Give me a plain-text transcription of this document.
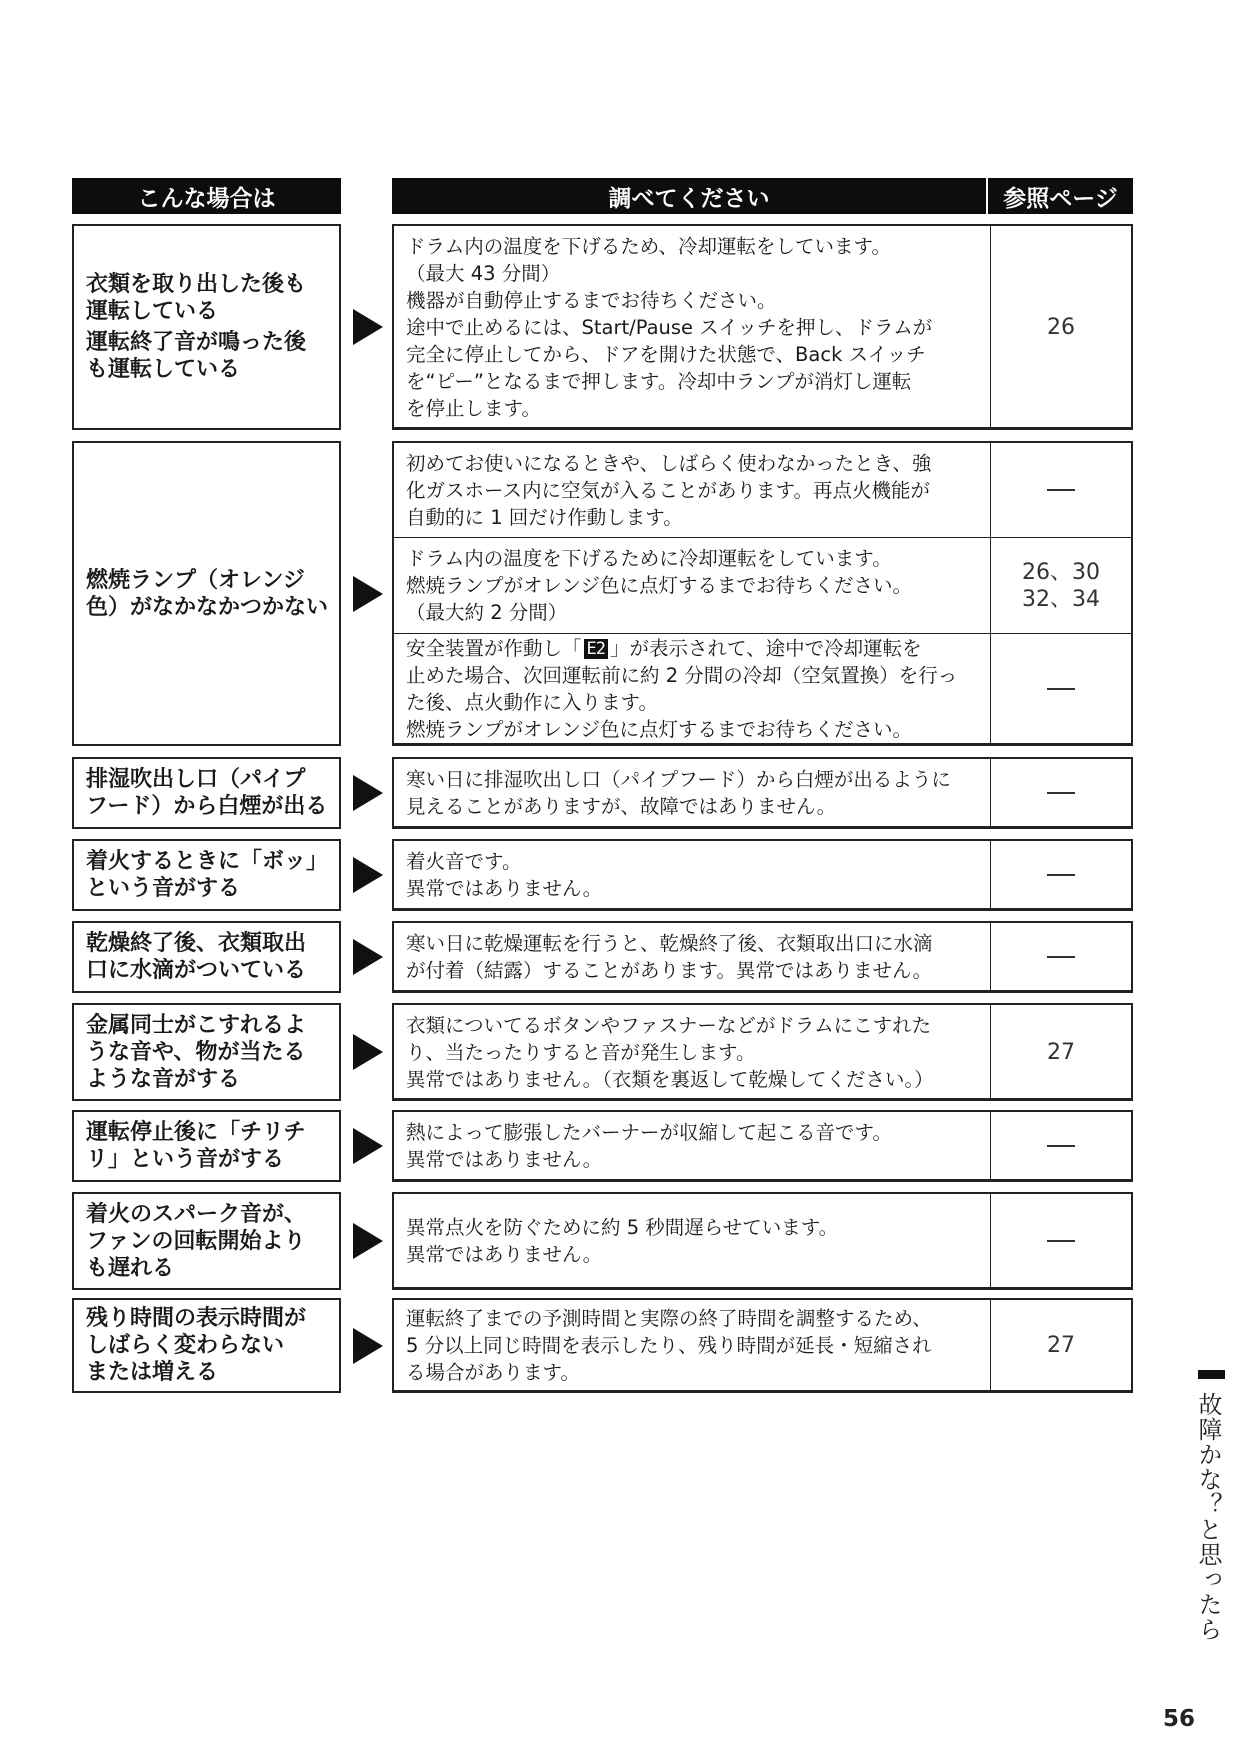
こんな場合は	調べてください	参照ページ
衣類を取り出した後も
運転している
運転終了音が鳴った後
も運転している
ドラム内の温度を下げるため、冷却運転をしています。
（最大 43 分間）
機器が自動停止するまでお待ちください。
途中で止めるには、Start/Pause スイッチを押し、ドラムが
完全に停止してから、ドアを開けた状態で、Back スイッチ
を“ピー”となるまで押します。冷却中ランプが消灯し運転
を停止します。
26
燃焼ランプ（オレンジ
色）がなかなかつかない
初めてお使いになるときや、しばらく使わなかったとき、強
化ガスホース内に空気が入ることがあります。再点火機能が
自動的に 1 回だけ作動します。
ドラム内の温度を下げるために冷却運転をしています。
燃焼ランプがオレンジ色に点灯するまでお待ちください。
（最大約 2 分間）
26、30
32、34
安全装置が作動し「 E2 」が表示されて、途中で冷却運転を
止めた場合、次回運転前に約 2 分間の冷却（空気置換）を行っ
た後、点火動作に入ります。
燃焼ランプがオレンジ色に点灯するまでお待ちください。
排湿吹出し口（パイプ
フード）から白煙が出る
寒い日に排湿吹出し口（パイプフード）から白煙が出るように
見えることがありますが、故障ではありません。
着火するときに「ボッ」
という音がする
着火音です。
異常ではありません。
乾燥終了後、衣類取出
口に水滴がついている
寒い日に乾燥運転を行うと、乾燥終了後、衣類取出口に水滴
が付着（結露）することがあります。異常ではありません。
金属同士がこすれるよ
うな音や、物が当たる
ような音がする
衣類についてるボタンやファスナーなどがドラムにこすれた
り、当たったりすると音が発生します。
異常ではありません。（衣類を裏返して乾燥してください。）
27
運転停止後に「チリチ
リ」という音がする
熱によって膨張したバーナーが収縮して起こる音です。
異常ではありません。
着火のスパーク音が、
ファンの回転開始より
も遅れる
異常点火を防ぐために約 5 秒間遅らせています。
異常ではありません。
残り時間の表示時間が
しばらく変わらない
または増える
運転終了までの予測時間と実際の終了時間を調整するため、
5 分以上同じ時間を表示したり、残り時間が延長・短縮され
る場合があります。
27
故障かな？と思ったら
56
